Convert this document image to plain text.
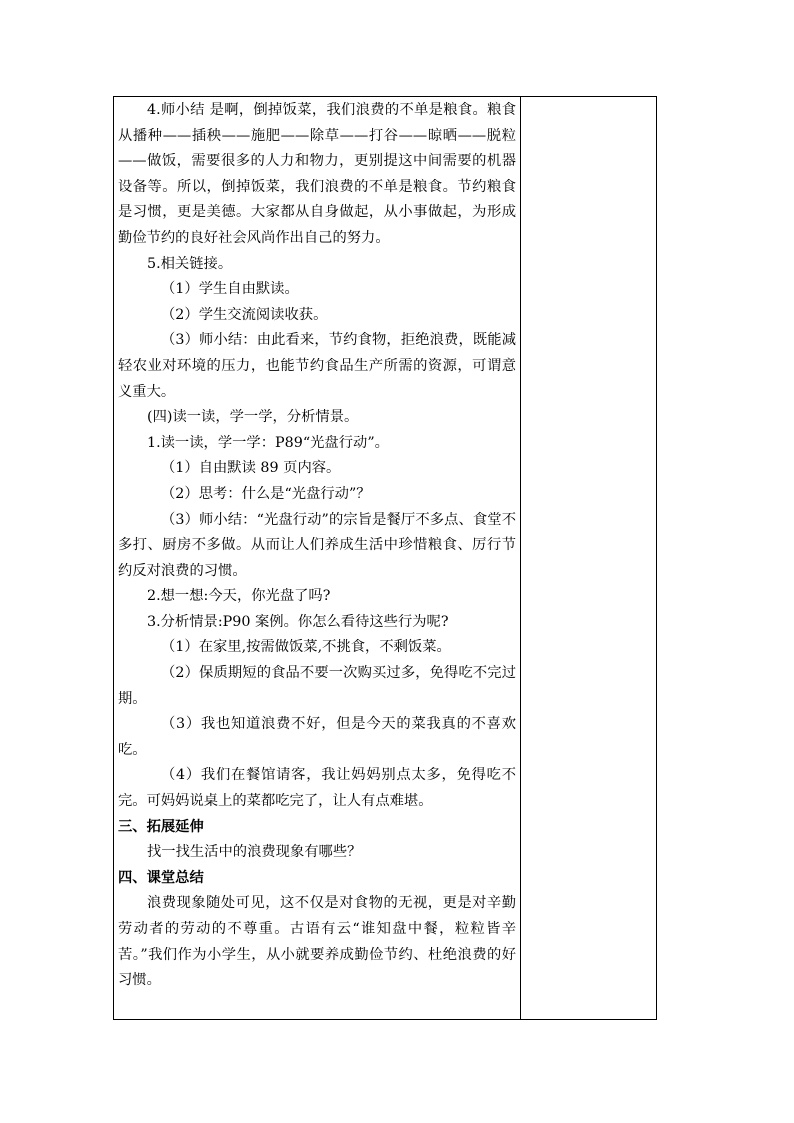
4.师小结 是啊，倒掉饭菜，我们浪费的不单是粮食。粮食从播种——插秧——施肥——除草——打谷——晾晒——脱粒——做饭，需要很多的人力和物力，更别提这中间需要的机器设备等。所以，倒掉饭菜，我们浪费的不单是粮食。节约粮食是习惯，更是美德。大家都从自身做起，从小事做起，为形成勤俭节约的良好社会风尚作出自己的努力。

5.相关链接。

（1）学生自由默读。

（2）学生交流阅读收获。

（3）师小结：由此看来，节约食物，拒绝浪费，既能减轻农业对环境的压力，也能节约食品生产所需的资源，可谓意义重大。

(四)读一读，学一学，分析情景。

1.读一读，学一学：P89“光盘行动”。

（1）自由默读 89 页内容。

（2）思考：什么是“光盘行动”？

（3）师小结：“光盘行动”的宗旨是餐厅不多点、食堂不多打、厨房不多做。从而让人们养成生活中珍惜粮食、厉行节约反对浪费的习惯。

2.想一想:今天，你光盘了吗?

3.分析情景:P90 案例。你怎么看待这些行为呢?

（1）在家里,按需做饭菜,不挑食，不剩饭菜。

（2）保质期短的食品不要一次购买过多，免得吃不完过期。

（3）我也知道浪费不好，但是今天的菜我真的不喜欢吃。

（4）我们在餐馆请客，我让妈妈别点太多，免得吃不完。可妈妈说桌上的菜都吃完了，让人有点难堪。

三、拓展延伸

找一找生活中的浪费现象有哪些？

四、课堂总结

浪费现象随处可见，这不仅是对食物的无视，更是对辛勤劳动者的劳动的不尊重。古语有云“谁知盘中餐，粒粒皆辛苦。”我们作为小学生，从小就要养成勤俭节约、杜绝浪费的好习惯。
